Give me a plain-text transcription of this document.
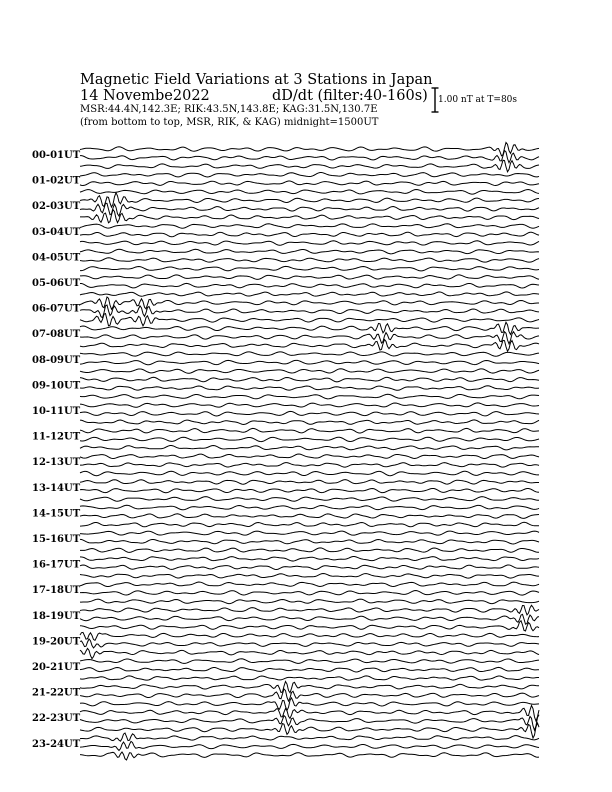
Magnetic Field Variations at 3 Stations in Japan
14 Novembe2022	dD/dt (filter:40-160s)
MSR:44.4N,142.3E; RIK:43.5N,143.8E; KAG:31.5N,130.7E
(from bottom to top, MSR, RIK, & KAG) midnight=1500UT
1.00 nT at T=80s
00-01UT
01-02UT
02-03UT
03-04UT
04-05UT
05-06UT
06-07UT
07-08UT
08-09UT
09-10UT
10-11UT
11-12UT
12-13UT
13-14UT
14-15UT
15-16UT
16-17UT
17-18UT
18-19UT
19-20UT
20-21UT
21-22UT
22-23UT
23-24UT
